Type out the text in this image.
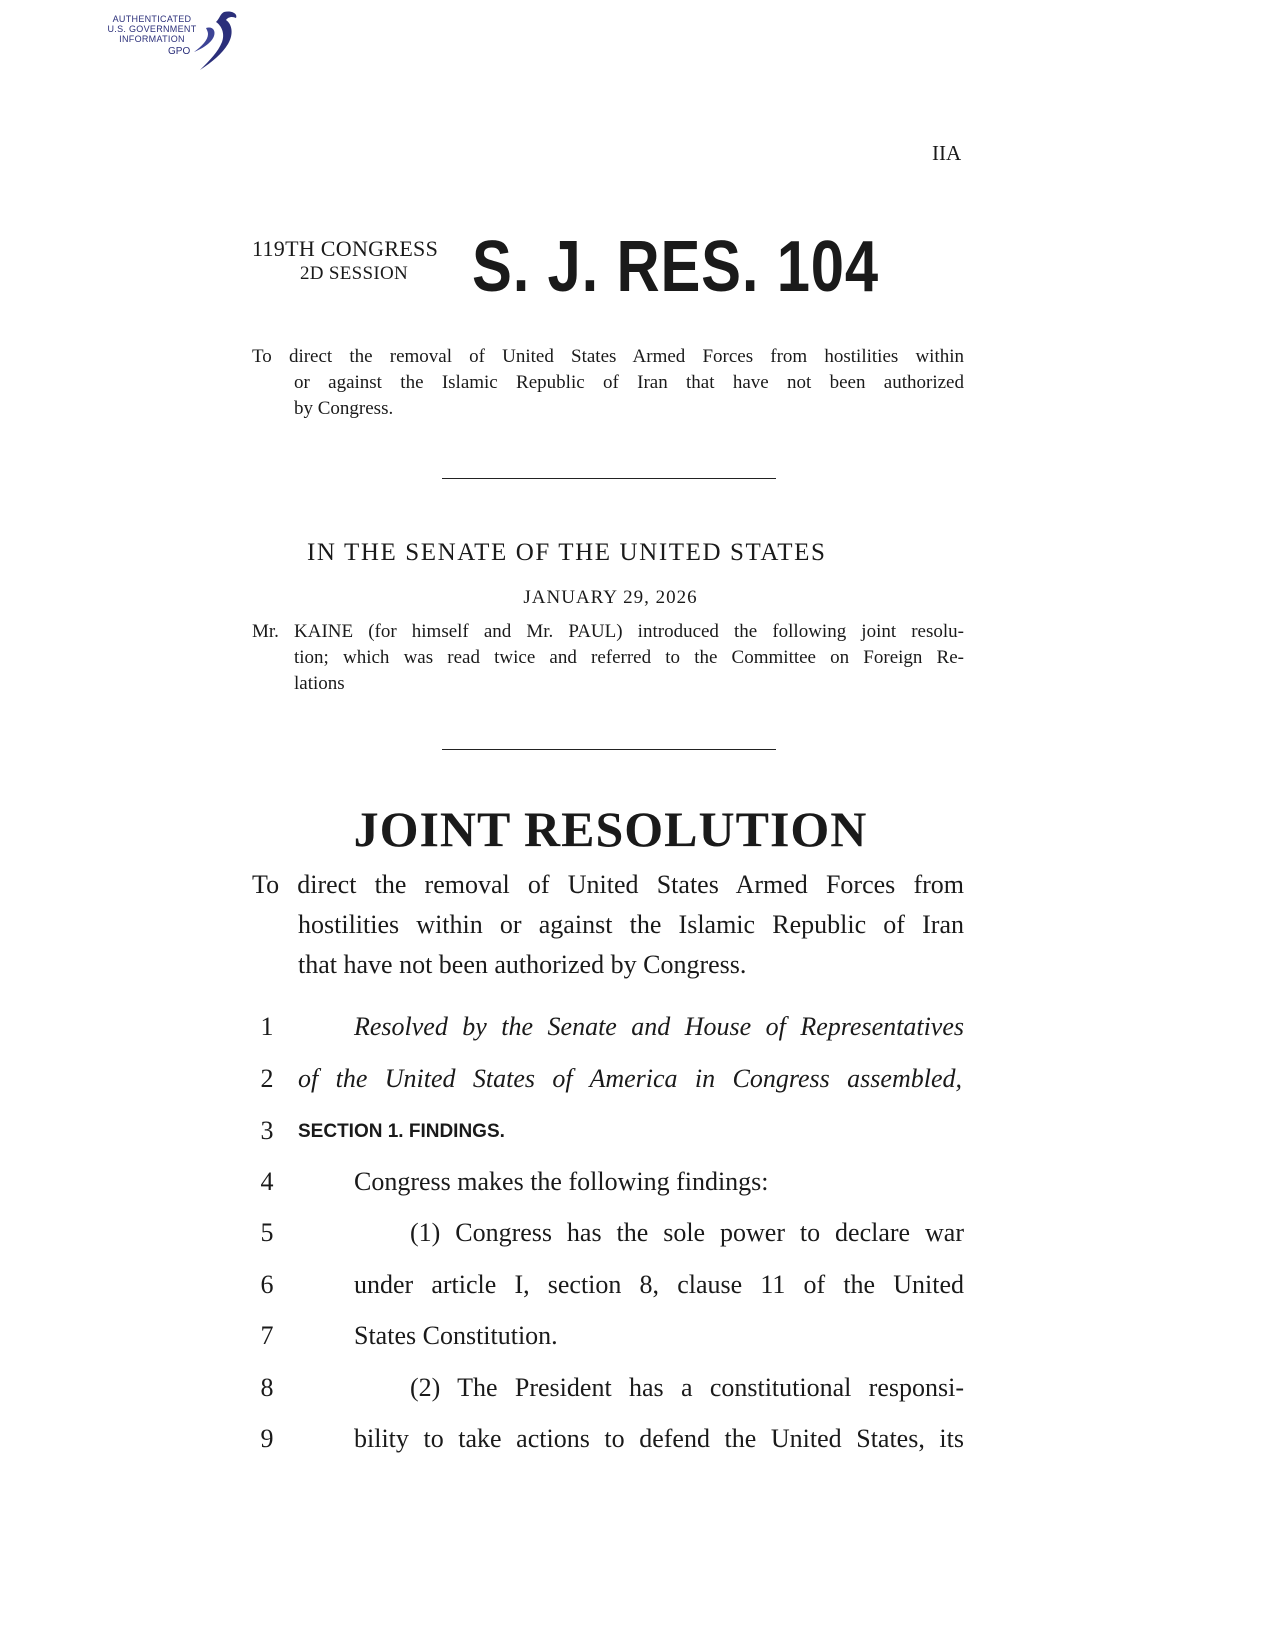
AUTHENTICATED
U.S. GOVERNMENT
INFORMATION
GPO
IIA
119TH CONGRESS
2D SESSION S. J. RES. 104
To direct the removal of United States Armed Forces from hostilities within
or against the Islamic Republic of Iran that have not been authorized
by Congress.
IN THE SENATE OF THE UNITED STATES
JANUARY 29, 2026
Mr. KAINE (for himself and Mr. PAUL) introduced the following joint resolu-
tion; which was read twice and referred to the Committee on Foreign Re-
lations
JOINT RESOLUTION
To direct the removal of United States Armed Forces from
hostilities within or against the Islamic Republic of Iran
that have not been authorized by Congress.
1	Resolved by the Senate and House of Representatives
2 of the United States of America in Congress assembled,
3	SECTION 1. FINDINGS.
4	Congress makes the following findings:
5	(1) Congress has the sole power to declare war
6	under article I, section 8, clause 11 of the United
7	States Constitution.
8	(2) The President has a constitutional responsi-
9	bility to take actions to defend the United States, its
